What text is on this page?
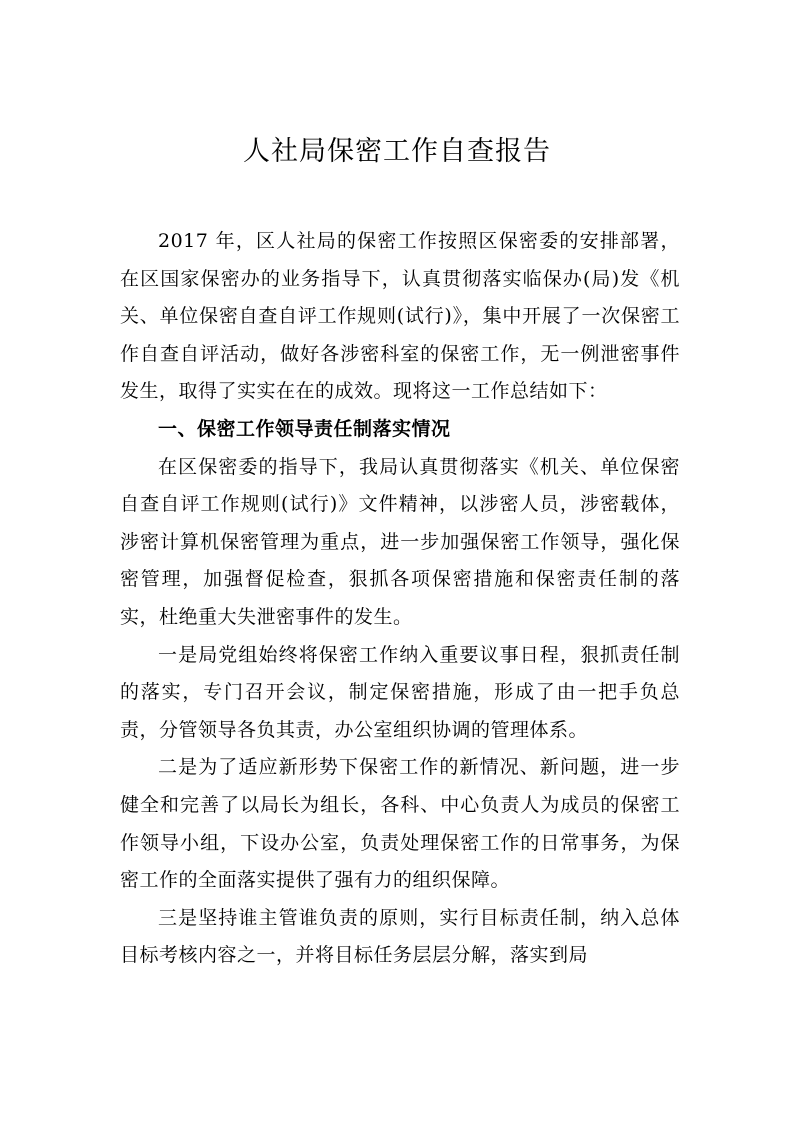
人社局保密工作自查报告

2017 年，区人社局的保密工作按照区保密委的安排部署，在区国家保密办的业务指导下，认真贯彻落实临保办(局)发《机关、单位保密自查自评工作规则(试行)》，集中开展了一次保密工作自查自评活动，做好各涉密科室的保密工作，无一例泄密事件发生，取得了实实在在的成效。现将这一工作总结如下：

一、保密工作领导责任制落实情况

在区保密委的指导下，我局认真贯彻落实《机关、单位保密自查自评工作规则(试行)》文件精神，以涉密人员，涉密载体，涉密计算机保密管理为重点，进一步加强保密工作领导，强化保密管理，加强督促检查，狠抓各项保密措施和保密责任制的落实，杜绝重大失泄密事件的发生。

一是局党组始终将保密工作纳入重要议事日程，狠抓责任制的落实，专门召开会议，制定保密措施，形成了由一把手负总责，分管领导各负其责，办公室组织协调的管理体系。

二是为了适应新形势下保密工作的新情况、新问题，进一步健全和完善了以局长为组长，各科、中心负责人为成员的保密工作领导小组，下设办公室，负责处理保密工作的日常事务，为保密工作的全面落实提供了强有力的组织保障。

三是坚持谁主管谁负责的原则，实行目标责任制，纳入总体目标考核内容之一，并将目标任务层层分解，落实到局
